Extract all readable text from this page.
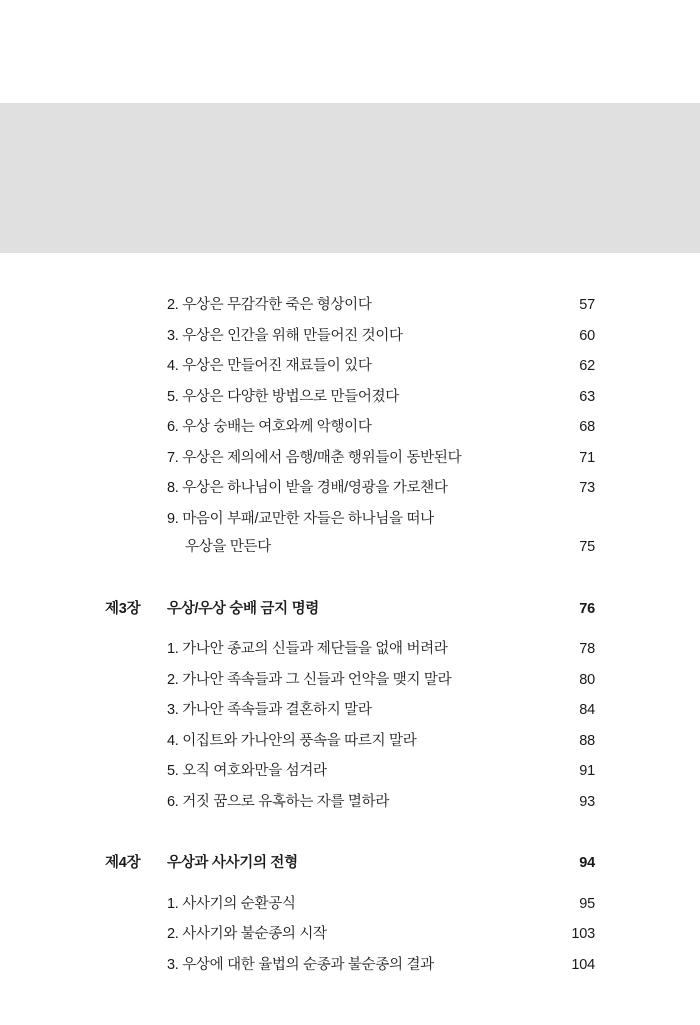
2. 우상은 무감각한 죽은 형상이다	57
3. 우상은 인간을 위해 만들어진 것이다	60
4. 우상은 만들어진 재료들이 있다	62
5. 우상은 다양한 방법으로 만들어졌다	63
6. 우상 숭배는 여호와께 악행이다	68
7. 우상은 제의에서 음행/매춘 행위들이 동반된다	71
8. 우상은 하나님이 받을 경배/영광을 가로챈다	73
9. 마음이 부패/교만한 자들은 하나님을 떠나
우상을 만든다	75
제3장	우상/우상 숭배 금지 명령	76
1. 가나안 종교의 신들과 제단들을 없애 버려라	78
2. 가나안 족속들과 그 신들과 언약을 맺지 말라	80
3. 가나안 족속들과 결혼하지 말라	84
4. 이집트와 가나안의 풍속을 따르지 말라	88
5. 오직 여호와만을 섬겨라	91
6. 거짓 꿈으로 유혹하는 자를 멸하라	93
제4장	우상과 사사기의 전형	94
1. 사사기의 순환공식	95
2. 사사기와 불순종의 시작	103
3. 우상에 대한 율법의 순종과 불순종의 결과	104
